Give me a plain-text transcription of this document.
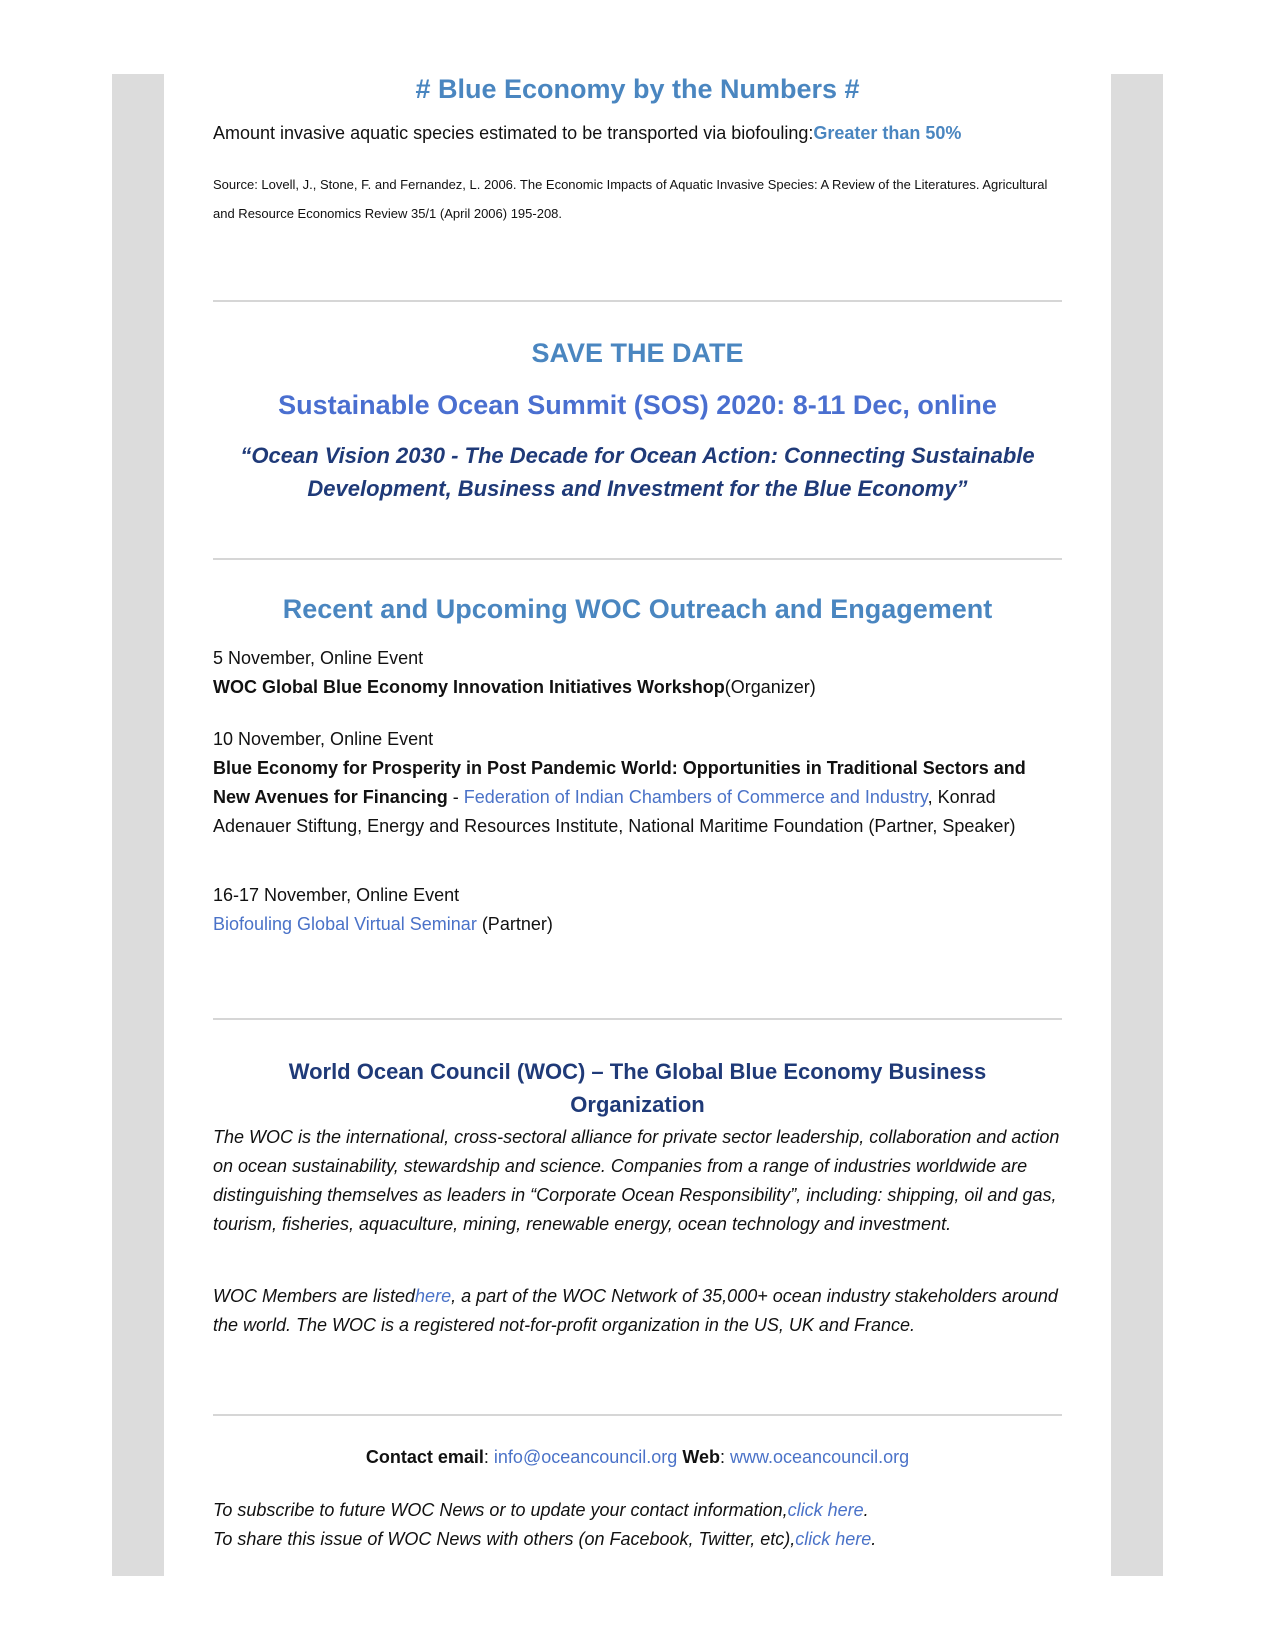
# Blue Economy by the Numbers #
Amount invasive aquatic species estimated to be transported via biofouling:Greater than 50%
Source: Lovell, J., Stone, F. and Fernandez, L. 2006. The Economic Impacts of Aquatic Invasive Species: A Review of the Literatures. Agricultural and Resource Economics Review 35/1 (April 2006) 195-208.
SAVE THE DATE
Sustainable Ocean Summit (SOS) 2020: 8-11 Dec, online
“Ocean Vision 2030 - The Decade for Ocean Action: Connecting Sustainable Development, Business and Investment for the Blue Economy”
Recent and Upcoming WOC Outreach and Engagement
5 November, Online Event
WOC Global Blue Economy Innovation Initiatives Workshop(Organizer)
10 November, Online Event
Blue Economy for Prosperity in Post Pandemic World: Opportunities in Traditional Sectors and New Avenues for Financing - Federation of Indian Chambers of Commerce and Industry, Konrad Adenauer Stiftung, Energy and Resources Institute, National Maritime Foundation (Partner, Speaker)
16-17 November, Online Event
Biofouling Global Virtual Seminar (Partner)
World Ocean Council (WOC) – The Global Blue Economy Business Organization
The WOC is the international, cross-sectoral alliance for private sector leadership, collaboration and action on ocean sustainability, stewardship and science. Companies from a range of industries worldwide are distinguishing themselves as leaders in “Corporate Ocean Responsibility”, including: shipping, oil and gas, tourism, fisheries, aquaculture, mining, renewable energy, ocean technology and investment.
WOC Members are listedhere, a part of the WOC Network of 35,000+ ocean industry stakeholders around the world. The WOC is a registered not-for-profit organization in the US, UK and France.
Contact email: info@oceancouncil.org Web: www.oceancouncil.org
To subscribe to future WOC News or to update your contact information,click here.
To share this issue of WOC News with others (on Facebook, Twitter, etc),click here.
